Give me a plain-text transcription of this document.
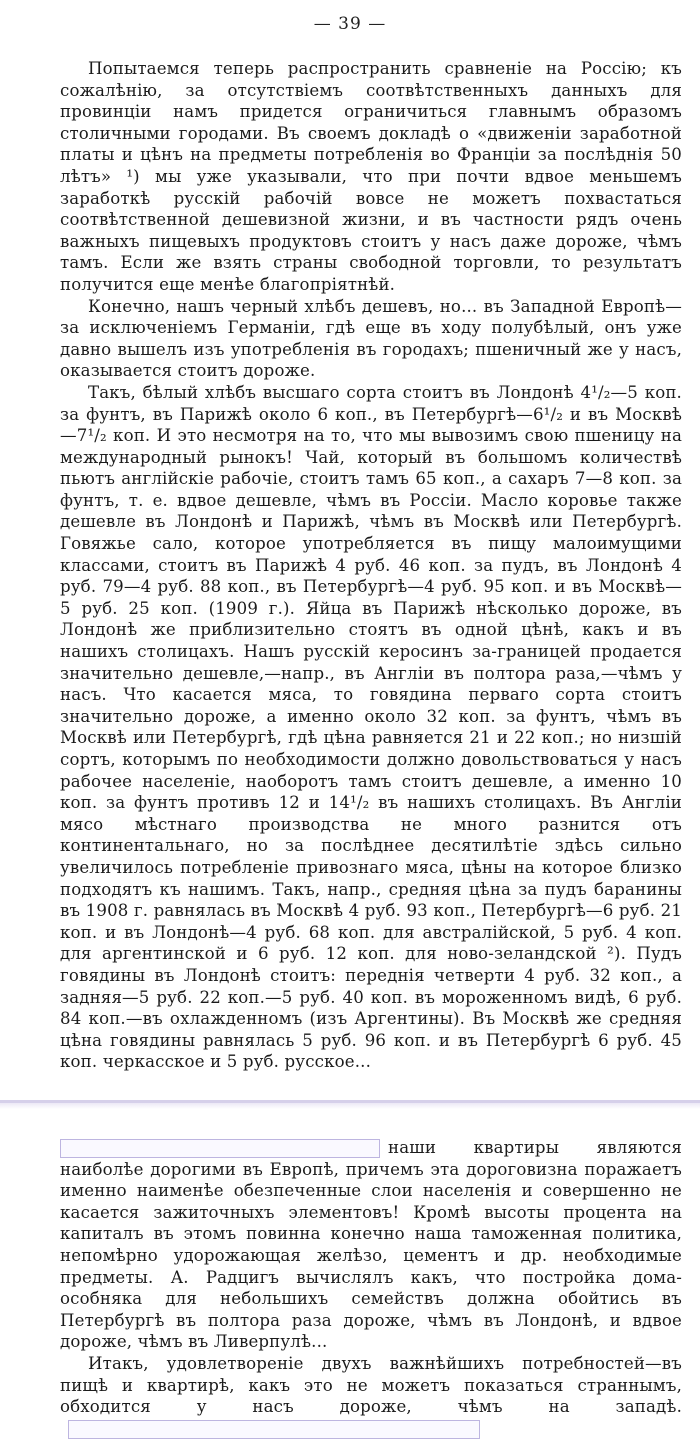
— 39 —

Попытаемся теперь распространить сравненіе на Россію; къ сожалѣнію, за отсутствіемъ соотвѣтственныхъ данныхъ для провинціи намъ придется ограничиться главнымъ образомъ столичными городами. Въ своемъ докладѣ о «движеніи заработной платы и цѣнъ на предметы потребленія во Франціи за послѣднія 50 лѣтъ» ¹) мы уже указывали, что при почти вдвое меньшемъ заработкѣ русскій рабочій вовсе не можетъ похвастаться соотвѣтственной дешевизной жизни, и въ частности рядъ очень важныхъ пищевыхъ продуктовъ стоитъ у насъ даже дороже, чѣмъ тамъ. Если же взять страны свободной торговли, то результатъ получится еще менѣе благопріятнѣй.

Конечно, нашъ черный хлѣбъ дешевъ, но... въ Западной Европѣ—за исключеніемъ Германіи, гдѣ еще въ ходу полубѣлый, онъ уже давно вышелъ изъ употребленія въ городахъ; пшеничный же у насъ, оказывается стоитъ дороже.

Такъ, бѣлый хлѣбъ высшаго сорта стоитъ въ Лондонѣ 4¹/₂—5 коп. за фунтъ, въ Парижѣ около 6 коп., въ Петербургѣ—6¹/₂ и въ Москвѣ—7¹/₂ коп. И это несмотря на то, что мы вывозимъ свою пшеницу на международный рынокъ! Чай, который въ большомъ количествѣ пьютъ англійскіе рабочіе, стоитъ тамъ 65 коп., а сахаръ 7—8 коп. за фунтъ, т. е. вдвое дешевле, чѣмъ въ Россіи. Масло коровье также дешевле въ Лондонѣ и Парижѣ, чѣмъ въ Москвѣ или Петербургѣ. Говяжье сало, которое употребляется въ пищу малоимущими классами, стоитъ въ Парижѣ 4 руб. 46 коп. за пудъ, въ Лондонѣ 4 руб. 79—4 руб. 88 коп., въ Петербургѣ—4 руб. 95 коп. и въ Москвѣ—5 руб. 25 коп. (1909 г.). Яйца въ Парижѣ нѣсколько дороже, въ Лондонѣ же приблизительно стоятъ въ одной цѣнѣ, какъ и въ нашихъ столицахъ. Нашъ русскій керосинъ за-границей продается значительно дешевле,—напр., въ Англіи въ полтора раза,—чѣмъ у насъ. Что касается мяса, то говядина перваго сорта стоитъ значительно дороже, а именно около 32 коп. за фунтъ, чѣмъ въ Москвѣ или Петербургѣ, гдѣ цѣна равняется 21 и 22 коп.; но низшій сортъ, которымъ по необходимости должно довольствоваться у насъ рабочее населеніе, наоборотъ тамъ стоитъ дешевле, а именно 10 коп. за фунтъ противъ 12 и 14¹/₂ въ нашихъ столицахъ. Въ Англіи мясо мѣстнаго производства не много разнится отъ континентальнаго, но за послѣднее десятилѣтіе здѣсь сильно увеличилось потребленіе привознаго мяса, цѣны на которое близко подходятъ къ нашимъ. Такъ, напр., средняя цѣна за пудъ баранины въ 1908 г. равнялась въ Москвѣ 4 руб. 93 коп., Петербургѣ—6 руб. 21 коп. и въ Лондонѣ—4 руб. 68 коп. для австралійской, 5 руб. 4 коп. для аргентинской и 6 руб. 12 коп. для ново-зеландской ²). Пудъ говядины въ Лондонѣ стоитъ: переднія четверти 4 руб. 32 коп., а задняя—5 руб. 22 коп.—5 руб. 40 коп. въ мороженномъ видѣ, 6 руб. 84 коп.—въ охлажденномъ (изъ Аргентины). Въ Москвѣ же средняя цѣна говядины равнялась 5 руб. 96 коп. и въ Петербургѣ 6 руб. 45 коп. черкасское и 5 руб. русское...

наши квартиры являются наиболѣе дорогими въ Европѣ, причемъ эта дороговизна поражаетъ именно наименѣе обезпеченные слои населенія и совершенно не касается зажиточныхъ элементовъ! Кромѣ высоты процента на капиталъ въ этомъ повинна конечно наша таможенная политика, непомѣрно удорожающая желѣзо, цементъ и др. необходимые предметы. А. Радцигъ вычислялъ какъ, что постройка дома-особняка для небольшихъ семействъ должна обойтись въ Петербургѣ въ полтора раза дороже, чѣмъ въ Лондонѣ, и вдвое дороже, чѣмъ въ Ливерпулѣ...

Итакъ, удовлетвореніе двухъ важнѣйшихъ потребностей—въ пищѣ и квартирѣ, какъ это не можетъ показаться страннымъ, обходится у насъ дороже, чѣмъ на западѣ.
